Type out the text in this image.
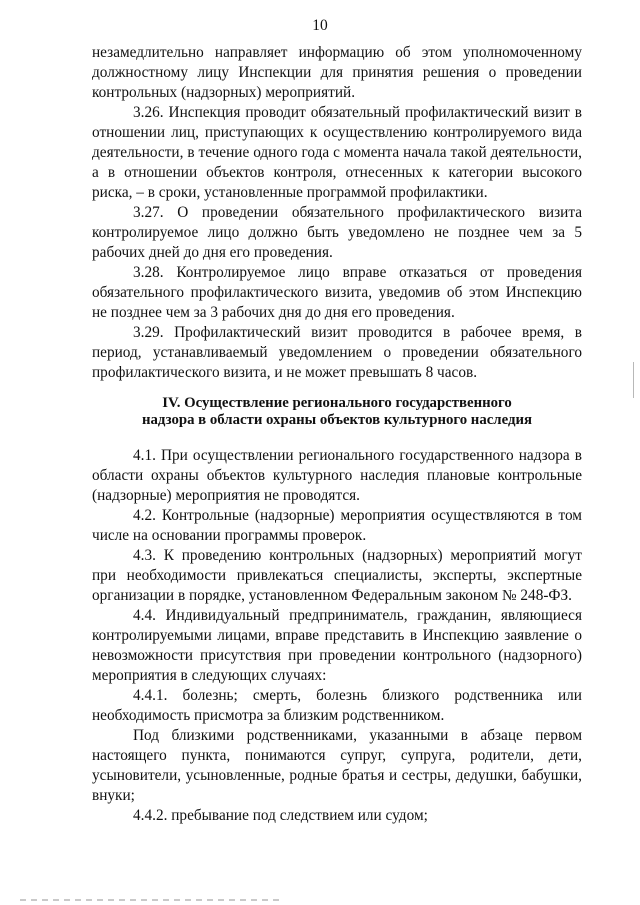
10

незамедлительно направляет информацию об этом уполномоченному должностному лицу Инспекции для принятия решения о проведении контрольных (надзорных) мероприятий.

3.26. Инспекция проводит обязательный профилактический визит в отношении лиц, приступающих к осуществлению контролируемого вида деятельности, в течение одного года с момента начала такой деятельности, а в отношении объектов контроля, отнесенных к категории высокого риска, – в сроки, установленные программой профилактики.

3.27. О проведении обязательного профилактического визита контролируемое лицо должно быть уведомлено не позднее чем за 5 рабочих дней до дня его проведения.

3.28. Контролируемое лицо вправе отказаться от проведения обязательного профилактического визита, уведомив об этом Инспекцию не позднее чем за 3 рабочих дня до дня его проведения.

3.29. Профилактический визит проводится в рабочее время, в период, устанавливаемый уведомлением о проведении обязательного профилактического визита, и не может превышать 8 часов.

IV. Осуществление регионального государственного
надзора в области охраны объектов культурного наследия

4.1. При осуществлении регионального государственного надзора в области охраны объектов культурного наследия плановые контрольные (надзорные) мероприятия не проводятся.

4.2. Контрольные (надзорные) мероприятия осуществляются в том числе на основании программы проверок.

4.3. К проведению контрольных (надзорных) мероприятий могут при необходимости привлекаться специалисты, эксперты, экспертные организации в порядке, установленном Федеральным законом № 248-ФЗ.

4.4. Индивидуальный предприниматель, гражданин, являющиеся контролируемыми лицами, вправе представить в Инспекцию заявление о невозможности присутствия при проведении контрольного (надзорного) мероприятия в следующих случаях:

4.4.1. болезнь; смерть, болезнь близкого родственника или необходимость присмотра за близким родственником.

Под близкими родственниками, указанными в абзаце первом настоящего пункта, понимаются супруг, супруга, родители, дети, усыновители, усыновленные, родные братья и сестры, дедушки, бабушки, внуки;

4.4.2. пребывание под следствием или судом;
